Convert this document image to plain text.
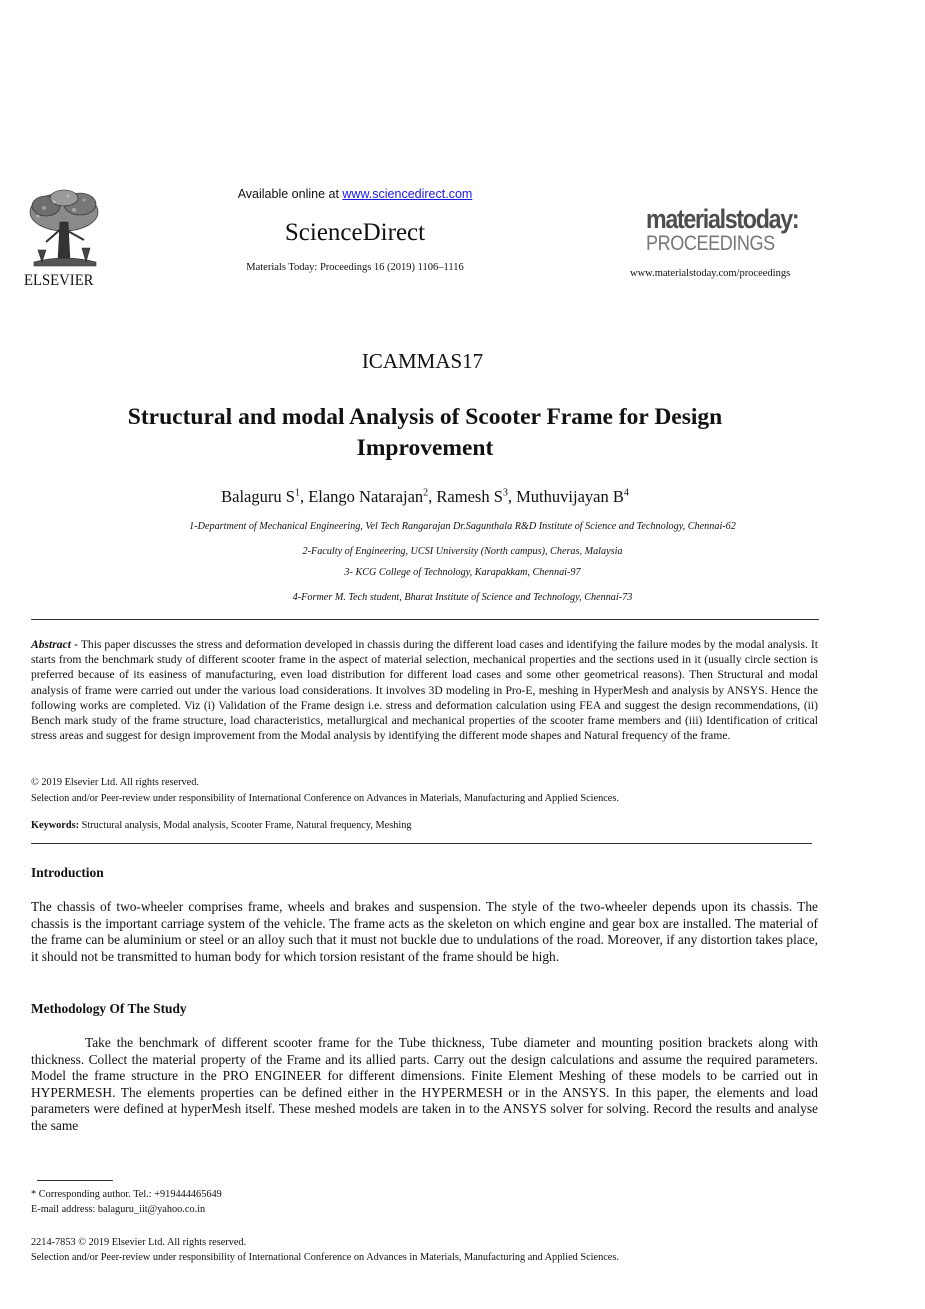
Available online at www.sciencedirect.com
ScienceDirect
Materials Today: Proceedings 16 (2019) 1106–1116
ELSEVIER
materialstoday:
PROCEEDINGS
www.materialstoday.com/proceedings
ICAMMAS17
Structural and modal Analysis of Scooter Frame for Design
Improvement
Balaguru $S^1$, Elango Natarajan$^2$, Ramesh $S^3$, Muthuvijayan $B^4$
1-Department of Mechanical Engineering, Vel Tech Rangarajan Dr.Sagunthala R&D Institute of Science and Technology, Chennai-62
2-Faculty of Engineering, UCSI University (North campus), Cheras, Malaysia
3- KCG College of Technology, Karapakkam, Chennai-97
4-Former M. Tech student, Bharat Institute of Science and Technology, Chennai-73
Abstract - This paper discusses the stress and deformation developed in chassis during the different load cases and identifying the failure modes by the modal analysis. It starts from the benchmark study of different scooter frame in the aspect of material selection, mechanical properties and the sections used in it (usually circle section is preferred because of its easiness of manufacturing, even load distribution for different load cases and some other geometrical reasons). Then Structural and modal analysis of frame were carried out under the various load considerations. It involves 3D modeling in Pro-E, meshing in HyperMesh and analysis by ANSYS. Hence the following works are completed. Viz (i) Validation of the Frame design i.e. stress and deformation calculation using FEA and suggest the design recommendations, (ii) Bench mark study of the frame structure, load characteristics, metallurgical and mechanical properties of the scooter frame members and (iii) Identification of critical stress areas and suggest for design improvement from the Modal analysis by identifying the different mode shapes and Natural frequency of the frame.
© 2019 Elsevier Ltd. All rights reserved.
Selection and/or Peer-review under responsibility of International Conference on Advances in Materials, Manufacturing and Applied Sciences.
Keywords: Structural analysis, Modal analysis, Scooter Frame, Natural frequency, Meshing
Introduction
The chassis of two-wheeler comprises frame, wheels and brakes and suspension. The style of the two-wheeler depends upon its chassis. The chassis is the important carriage system of the vehicle. The frame acts as the skeleton on which engine and gear box are installed. The material of the frame can be aluminium or steel or an alloy such that it must not buckle due to undulations of the road. Moreover, if any distortion takes place, it should not be transmitted to human body for which torsion resistant of the frame should be high.
Methodology Of The Study
Take the benchmark of different scooter frame for the Tube thickness, Tube diameter and mounting position brackets along with thickness. Collect the material property of the Frame and its allied parts. Carry out the design calculations and assume the required parameters. Model the frame structure in the PRO ENGINEER for different dimensions. Finite Element Meshing of these models to be carried out in HYPERMESH. The elements properties can be defined either in the HYPERMESH or in the ANSYS. In this paper, the elements and load parameters were defined at hyperMesh itself. These meshed models are taken in to the ANSYS solver for solving. Record the results and analyse the same
* Corresponding author. Tel.: +919444465649
E-mail address: balaguru_iit@yahoo.co.in
2214-7853 © 2019 Elsevier Ltd. All rights reserved.
Selection and/or Peer-review under responsibility of International Conference on Advances in Materials, Manufacturing and Applied Sciences.
